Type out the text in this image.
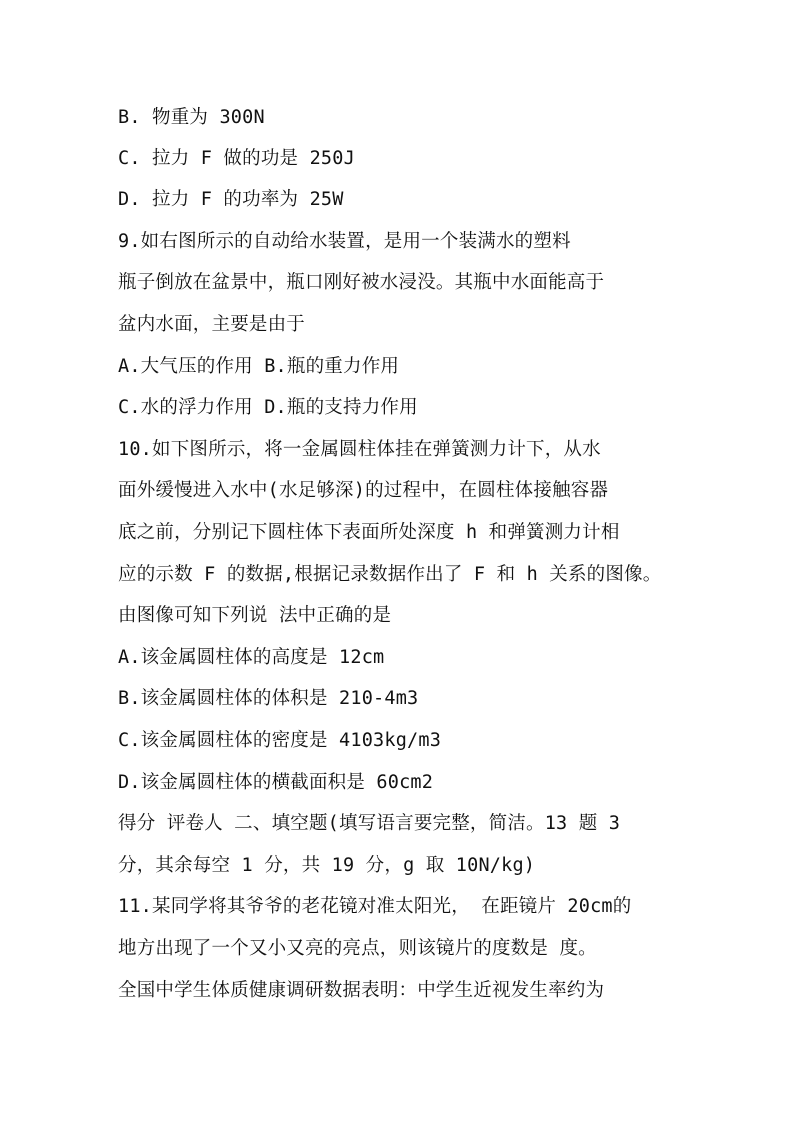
B. 物重为 300N
C. 拉力 F 做的功是 250J
D. 拉力 F 的功率为 25W
9.如右图所示的自动给水装置，是用一个装满水的塑料
瓶子倒放在盆景中，瓶口刚好被水浸没。其瓶中水面能高于
盆内水面，主要是由于
A.大气压的作用 B.瓶的重力作用
C.水的浮力作用 D.瓶的支持力作用
10.如下图所示，将一金属圆柱体挂在弹簧测力计下，从水
面外缓慢进入水中(水足够深)的过程中，在圆柱体接触容器
底之前，分别记下圆柱体下表面所处深度 h 和弹簧测力计相
应的示数 F 的数据,根据记录数据作出了 F 和 h 关系的图像。
由图像可知下列说 法中正确的是
A.该金属圆柱体的高度是 12cm
B.该金属圆柱体的体积是 210-4m3
C.该金属圆柱体的密度是 4103kg/m3
D.该金属圆柱体的横截面积是 60cm2
得分 评卷人 二、填空题(填写语言要完整，简洁。13 题 3
分，其余每空 1 分，共 19 分，g 取 10N/kg)
11.某同学将其爷爷的老花镜对准太阳光， 在距镜片 20cm的
地方出现了一个又小又亮的亮点，则该镜片的度数是 度。
全国中学生体质健康调研数据表明：中学生近视发生率约为
